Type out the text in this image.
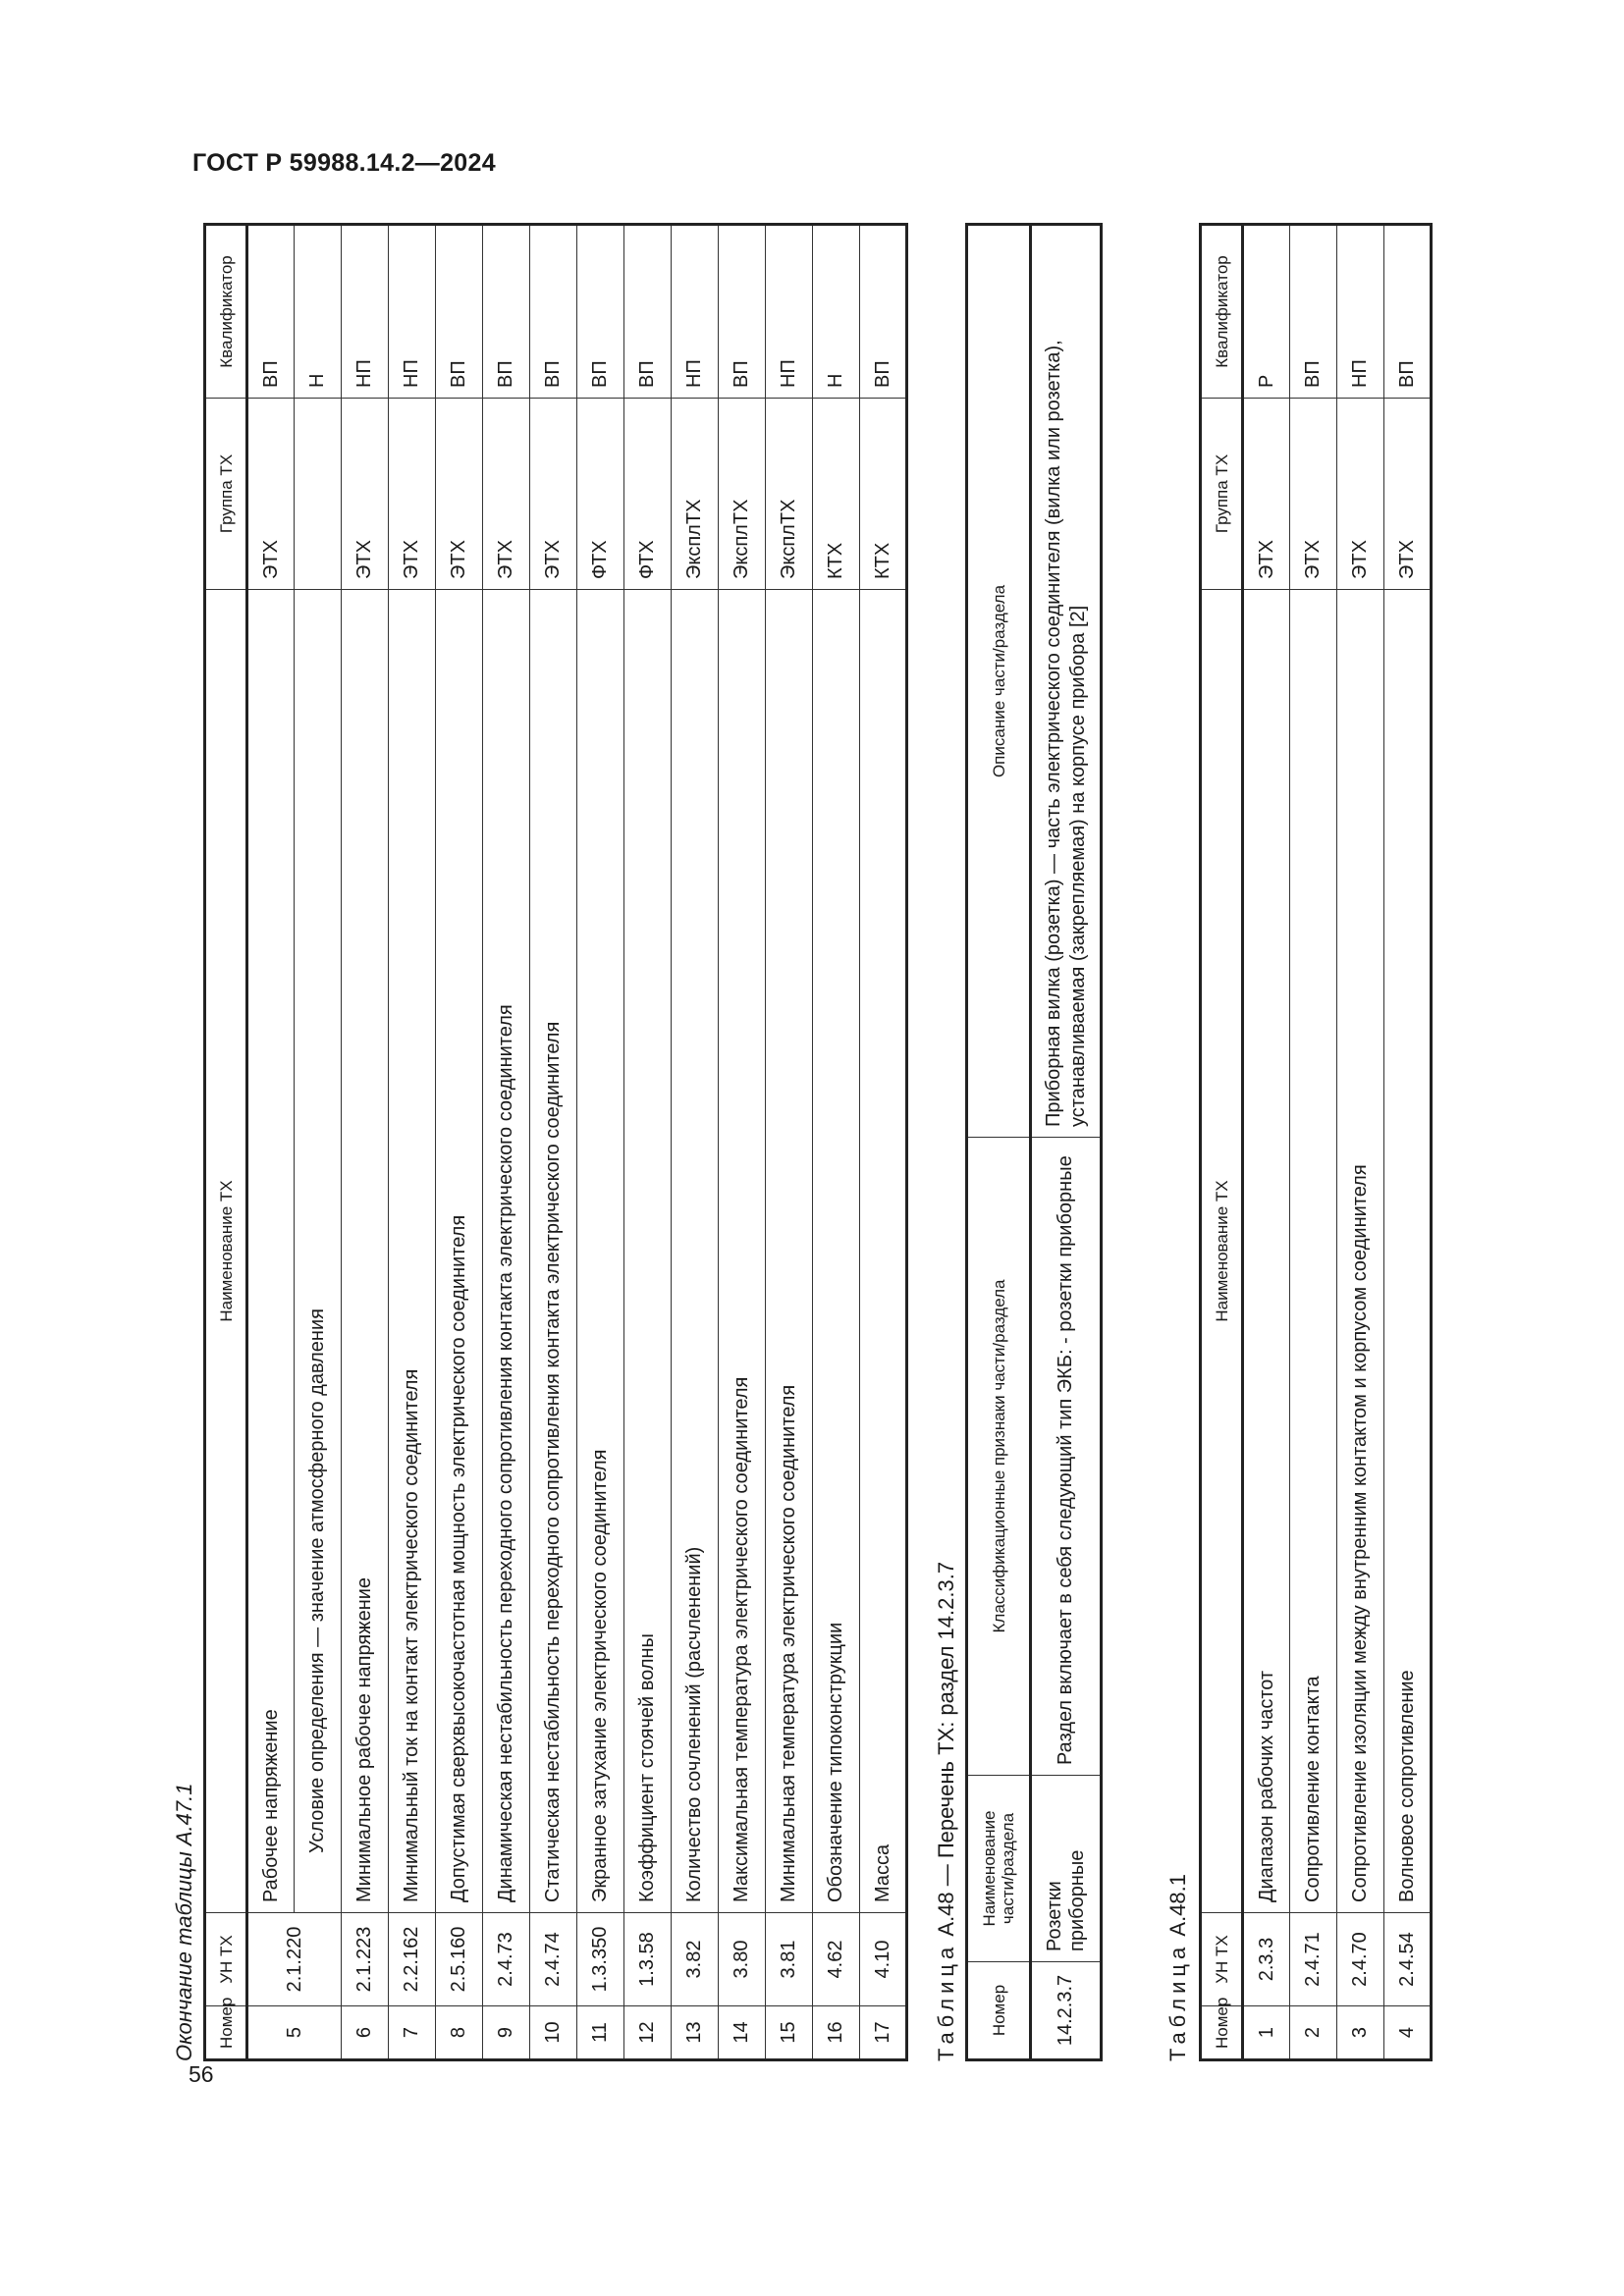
ГОСТ Р 59988.14.2—2024
56
Окончание таблицы А.47.1 Номер	УН ТХ	Наименование ТХ	Группа ТХ	Квалификатор
5	2.1.220	Рабочее напряжение	ЭТХ	ВП
		Условие определения — значение атмосферного давления		Н
6	2.1.223	Минимальное рабочее напряжение	ЭТХ	НП
7	2.2.162	Минимальный ток на контакт электрического соединителя	ЭТХ	НП
8	2.5.160	Допустимая сверхвысокочастотная мощность электрического соединителя	ЭТХ	ВП
9	2.4.73	Динамическая нестабильность переходного сопротивления контакта электрического соединителя	ЭТХ	ВП
10	2.4.74	Статическая нестабильность переходного сопротивления контакта электрического соединителя	ЭТХ	ВП
11	1.3.350	Экранное затухание электрического соединителя	ФТХ	ВП
12	1.3.58	Коэффициент стоячей волны	ФТХ	ВП
13	3.82	Количество сочленений (расчленений)	ЭксплТХ	НП
14	3.80	Максимальная температура электрического соединителя	ЭксплТХ	ВП
15	3.81	Минимальная температура электрического соединителя	ЭксплТХ	НП
16	4.62	Обозначение типоконструкции	КТХ	Н
17	4.10	Масса	КТХ	ВП
Таблица А.48 — Перечень ТХ: раздел 14.2.3.7
Номер	Наименование части/раздела	Классификационные признаки части/раздела	Описание части/раздела
14.2.3.7	Розетки приборные	Раздел включает в себя следующий тип ЭКБ: - розетки приборные	Приборная вилка (розетка) — часть электрического соединителя (вилка или розетка), устанавливаемая (закрепляемая) на корпусе прибора [2]
Таблица А.48.1
Номер	УН ТХ	Наименование ТХ	Группа ТХ	Квалификатор
1	2.3.3	Диапазон рабочих частот	ЭТХ	Р
2	2.4.71	Сопротивление контакта	ЭТХ	ВП
3	2.4.70	Сопротивление изоляции между внутренним контактом и корпусом соединителя	ЭТХ	НП
4	2.4.54	Волновое сопротивление	ЭТХ	ВП
